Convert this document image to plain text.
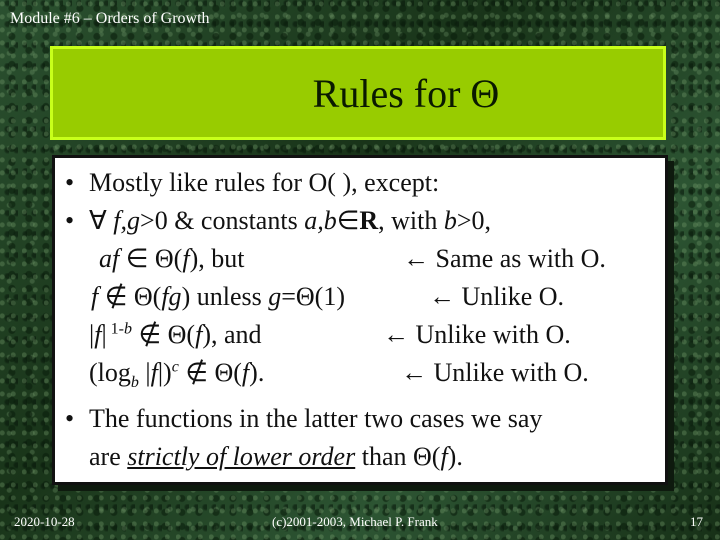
Module #6 – Orders of Growth
Rules for Θ
• Mostly like rules for O( ), except:
• ∀ f,g>0 & constants a,b∈R, with b>0,
af ∈ Θ(f), but	← Same as with O.
f ∉ Θ(fg) unless g=Θ(1)	← Unlike O.
|f| $^{1-b}$ ∉ Θ(f), and	← Unlike with O.
($\log_b$ |f|)$^c$ ∉ Θ(f).	← Unlike with O.
• The functions in the latter two cases we say
are strictly of lower order than Θ(f).
2020-10-28	(c)2001-2003, Michael P. Frank	17
